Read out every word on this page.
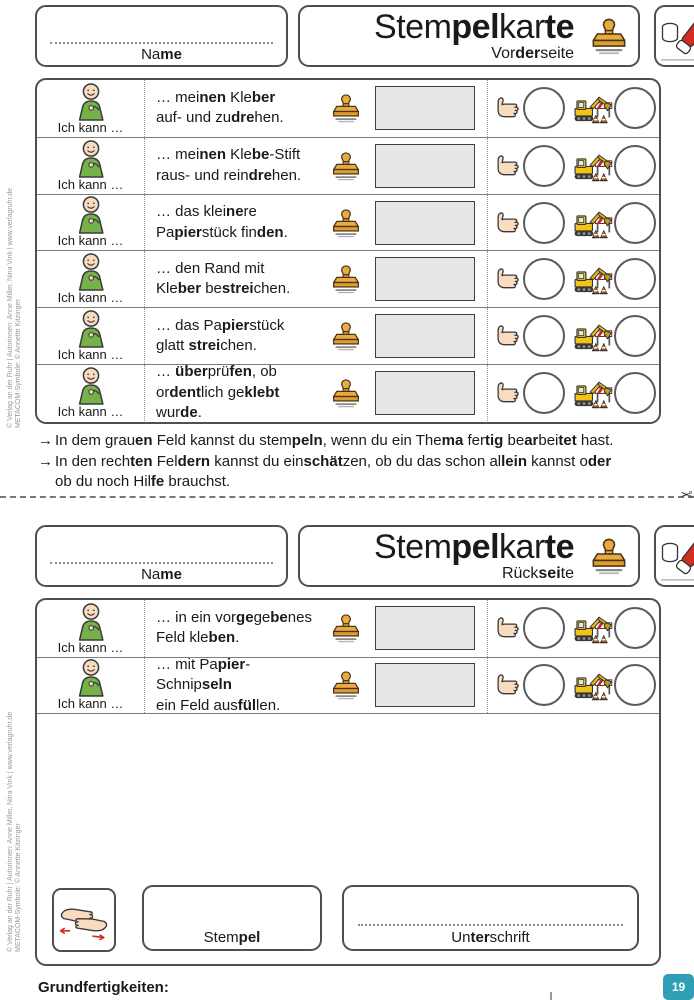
© Verlag an der Ruhr | Autorinnen: Anne Miller, Nina Vink | www.verlagruhr.de METACOM-Symbole: © Annette Kitzinger
Name
Stempelkarte
Vorderseite
Ich kann …
… meinen Kleber
auf- und zudrehen.
Ich kann …
… meinen Klebe-Stift
raus- und reindrehen.
Ich kann …
… das kleinere
Papierstück finden.
Ich kann …
… den Rand mit
Kleber bestreichen.
Ich kann …
… das Papierstück
glatt streichen.
Ich kann …
… überprüfen, ob
ordentlich geklebt wurde.
→ In dem grauen Feld kannst du stempeln, wenn du ein Thema fertig bearbeitet hast.
→ In den rechten Feldern kannst du einschätzen, ob du das schon allein kannst oder
ob du noch Hilfe brauchst.
✂
© Verlag an der Ruhr | Autorinnen: Anne Miller, Nina Vink | www.verlagruhr.de METACOM-Symbole: © Annette Kitzinger
Name
Stempelkarte
Rückseite
Ich kann …
… in ein vorgegebenes
Feld kleben.
Ich kann …
… mit Papier-Schnipseln
ein Feld ausfüllen.
Stempel	Unterschrift
Grundfertigkeiten:	19
